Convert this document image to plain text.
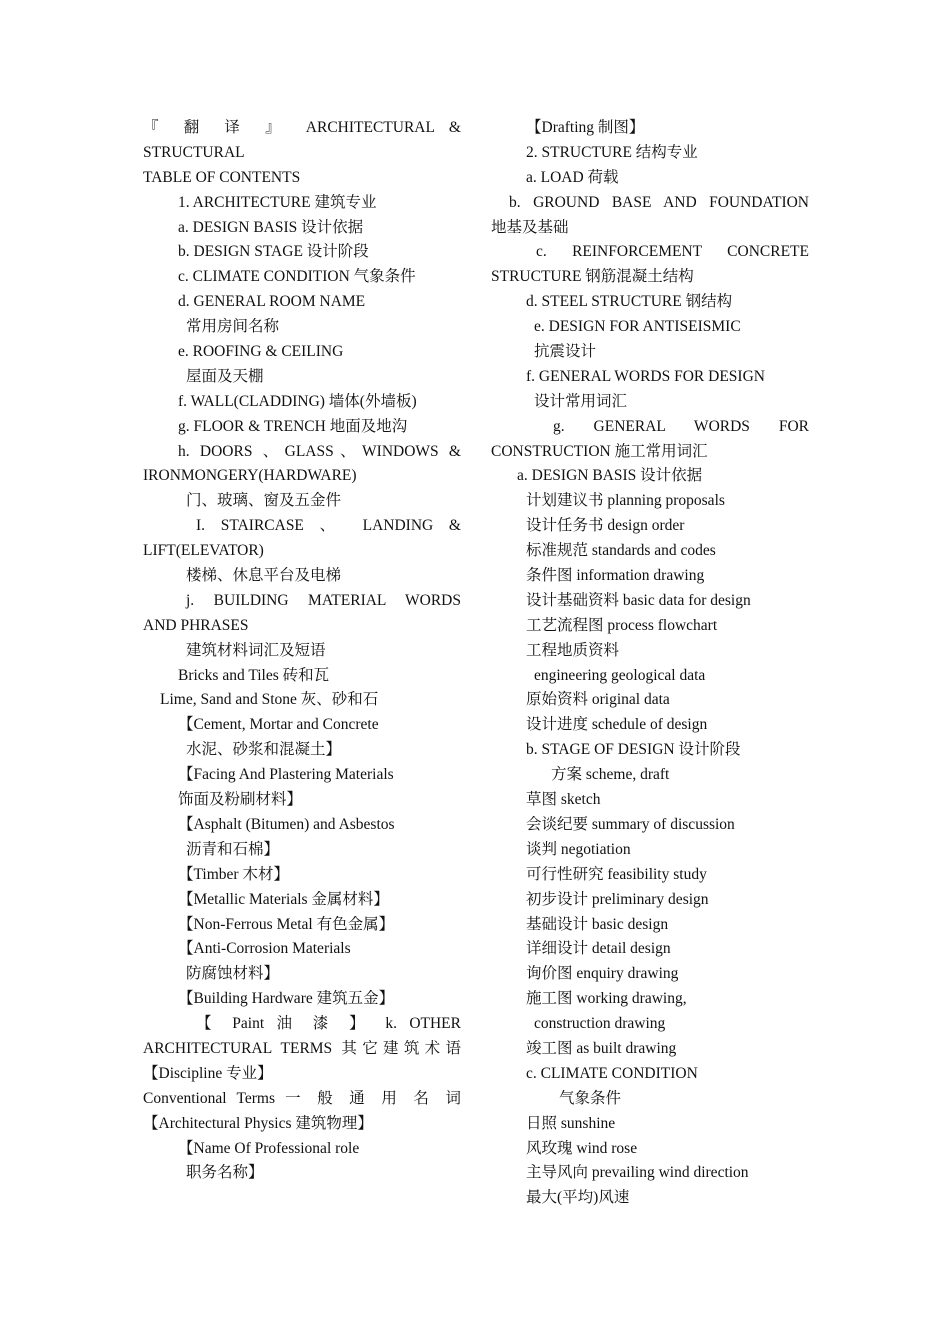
『 翻 译 』 ARCHITECTURAL &
STRUCTURAL
TABLE OF CONTENTS
1. ARCHITECTURE 建筑专业
a. DESIGN BASIS 设计依据
b. DESIGN STAGE 设计阶段
c. CLIMATE CONDITION 气象条件
d. GENERAL ROOM NAME
常用房间名称
e. ROOFING & CEILING
屋面及天棚
f. WALL(CLADDING) 墙体(外墙板)
g. FLOOR & TRENCH 地面及地沟
h. DOORS 、GLASS、WINDOWS &
IRONMONGERY(HARDWARE)
门、玻璃、窗及五金件
I. STAIRCASE 、 LANDING &
LIFT(ELEVATOR)
楼梯、休息平台及电梯
j. BUILDING MATERIAL WORDS
AND PHRASES
建筑材料词汇及短语
Bricks and Tiles 砖和瓦
Lime, Sand and Stone 灰、砂和石
【Cement, Mortar and Concrete
水泥、砂浆和混凝土】
【Facing And Plastering Materials
饰面及粉刷材料】
【Asphalt (Bitumen) and Asbestos
沥青和石棉】
【Timber 木材】
【Metallic Materials 金属材料】
【Non-Ferrous Metal 有色金属】
【Anti-Corrosion Materials
防腐蚀材料】
【Building Hardware 建筑五金】
【 Paint 油 漆 】 k. OTHER
ARCHITECTURAL TERMS 其它建筑术语
【Discipline 专业】
Conventional Terms 一 般 通 用 名 词
【Architectural Physics 建筑物理】
【Name Of Professional role
职务名称】
【Drafting 制图】
2. STRUCTURE 结构专业
a. LOAD 荷载
b. GROUND BASE AND FOUNDATION
地基及基础
c. REINFORCEMENT CONCRETE
STRUCTURE 钢筋混凝土结构
d. STEEL STRUCTURE 钢结构
e. DESIGN FOR ANTISEISMIC
抗震设计
f. GENERAL WORDS FOR DESIGN
设计常用词汇
g. GENERAL WORDS FOR
CONSTRUCTION 施工常用词汇
a. DESIGN BASIS 设计依据
计划建议书 planning proposals
设计任务书 design order
标准规范 standards and codes
条件图 information drawing
设计基础资料 basic data for design
工艺流程图 process flowchart
工程地质资料
engineering geological data
原始资料 original data
设计进度 schedule of design
b. STAGE OF DESIGN 设计阶段
方案 scheme, draft
草图 sketch
会谈纪要 summary of discussion
谈判 negotiation
可行性研究 feasibility study
初步设计 preliminary design
基础设计 basic design
详细设计 detail design
询价图 enquiry drawing
施工图 working drawing,
construction drawing
竣工图 as built drawing
c. CLIMATE CONDITION
气象条件
日照 sunshine
风玫瑰 wind rose
主导风向 prevailing wind direction
最大(平均)风速
